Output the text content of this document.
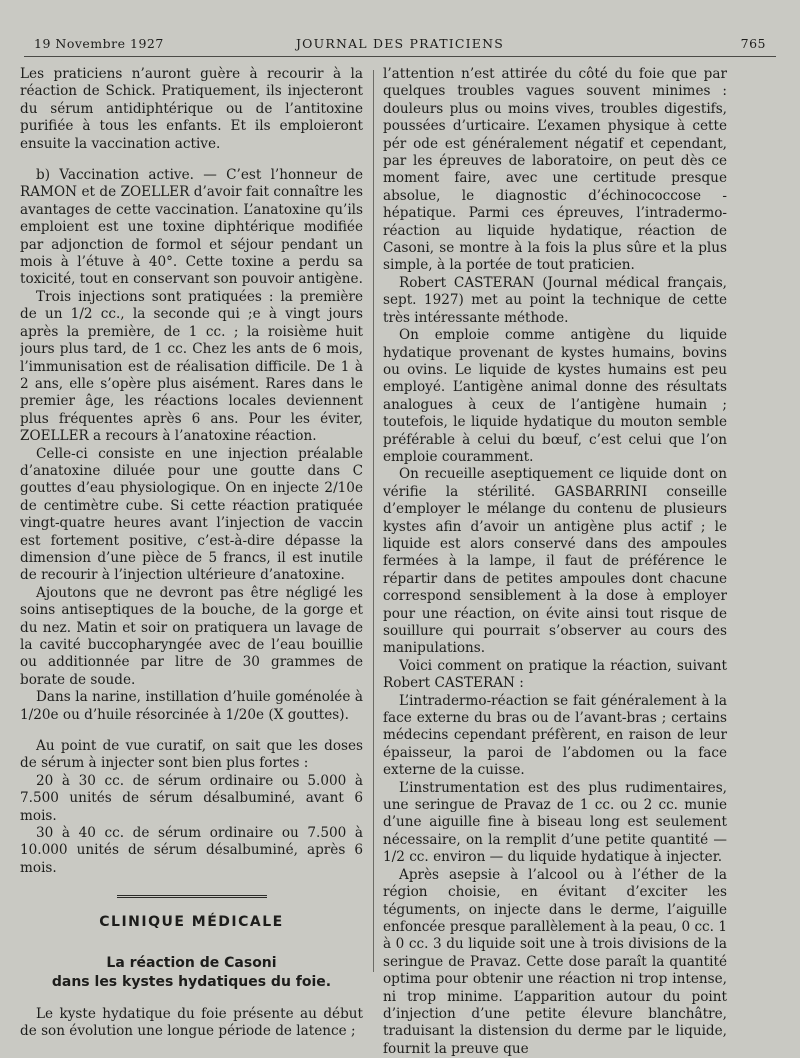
19 Novembre 1927	JOURNAL DES PRATICIENS	765

Les praticiens n’auront guère à recourir à la réaction de Schick. Pratiquement, ils injecteront du sérum antidiphtérique ou de l’antitoxine purifiée à tous les enfants. Et ils emploieront ensuite la vaccination active.

b) Vaccination active. — C’est l’honneur de RAMON et de ZOELLER d’avoir fait connaître les avantages de cette vaccination. L’anatoxine qu’ils emploient est une toxine diphtérique modifiée par adjonction de formol et séjour pendant un mois à l’étuve à 40°. Cette toxine a perdu sa toxicité, tout en conservant son pouvoir antigène.

Trois injections sont pratiquées : la première de un 1/2 cc., la seconde qui ;e à vingt jours après la première, de 1 cc. ; la roisième huit jours plus tard, de 1 cc. Chez les ants de 6 mois, l’immunisation est de réalisation difficile. De 1 à 2 ans, elle s’opère plus aisément. Rares dans le premier âge, les réactions locales deviennent plus fréquentes après 6 ans. Pour les éviter, ZOELLER a recours à l’anatoxine réaction.

Celle-ci consiste en une injection préalable d’anatoxine diluée pour une goutte dans C gouttes d’eau physiologique. On en injecte 2/10e de centimètre cube. Si cette réaction pratiquée vingt-quatre heures avant l’injection de vaccin est fortement positive, c’est-à-dire dépasse la dimension d’une pièce de 5 francs, il est inutile de recourir à l’injection ultérieure d’anatoxine.

Ajoutons que ne devront pas être négligé les soins antiseptiques de la bouche, de la gorge et du nez. Matin et soir on pratiquera un lavage de la cavité buccopharyngée avec de l’eau bouillie ou additionnée par litre de 30 grammes de borate de soude.

Dans la narine, instillation d’huile goménolée à 1/20e ou d’huile résorcinée à 1/20e (X gouttes).

Au point de vue curatif, on sait que les doses de sérum à injecter sont bien plus fortes :

20 à 30 cc. de sérum ordinaire ou 5.000 à 7.500 unités de sérum désalbuminé, avant 6 mois.

30 à 40 cc. de sérum ordinaire ou 7.500 à 10.000 unités de sérum désalbuminé, après 6 mois.

CLINIQUE MÉDICALE

La réaction de Casoni
dans les kystes hydatiques du foie.

Le kyste hydatique du foie présente au début de son évolution une longue période de latence ;

l’attention n’est attirée du côté du foie que par quelques troubles vagues souvent minimes : douleurs plus ou moins vives, troubles digestifs, poussées d’urticaire. L’examen physique à cette pér ode est généralement négatif et cependant, par les épreuves de laboratoire, on peut dès ce moment faire, avec une certitude presque absolue, le diagnostic d’échinococcose -hépatique. Parmi ces épreuves, l’intradermo-réaction au liquide hydatique, réaction de Casoni, se montre à la fois la plus sûre et la plus simple, à la portée de tout praticien.

Robert CASTERAN (Journal médical français, sept. 1927) met au point la technique de cette très intéressante méthode.

On emploie comme antigène du liquide hydatique provenant de kystes humains, bovins ou ovins. Le liquide de kystes humains est peu employé. L’antigène animal donne des résultats analogues à ceux de l’antigène humain ; toutefois, le liquide hydatique du mouton semble préférable à celui du bœuf, c’est celui que l’on emploie couramment.

On recueille aseptiquement ce liquide dont on vérifie la stérilité. GASBARRINI conseille d’employer le mélange du contenu de plusieurs kystes afin d’avoir un antigène plus actif ; le liquide est alors conservé dans des ampoules fermées à la lampe, il faut de préférence le répartir dans de petites ampoules dont chacune correspond sensiblement à la dose à employer pour une réaction, on évite ainsi tout risque de souillure qui pourrait s’observer au cours des manipulations.

Voici comment on pratique la réaction, suivant Robert CASTERAN :

L’intradermo-réaction se fait généralement à la face externe du bras ou de l’avant-bras ; certains médecins cependant préfèrent, en raison de leur épaisseur, la paroi de l’abdomen ou la face externe de la cuisse.

L’instrumentation est des plus rudimentaires, une seringue de Pravaz de 1 cc. ou 2 cc. munie d’une aiguille fine à biseau long est seulement nécessaire, on la remplit d’une petite quantité — 1/2 cc. environ — du liquide hydatique à injecter.

Après asepsie à l’alcool ou à l’éther de la région choisie, en évitant d’exciter les téguments, on injecte dans le derme, l’aiguille enfoncée presque parallèlement à la peau, 0 cc. 1 à 0 cc. 3 du liquide soit une à trois divisions de la seringue de Pravaz. Cette dose paraît la quantité optima pour obtenir une réaction ni trop intense, ni trop minime. L’apparition autour du point d’injection d’une petite élevure blanchâtre, traduisant la distension du derme par le liquide, fournit la preuve que
